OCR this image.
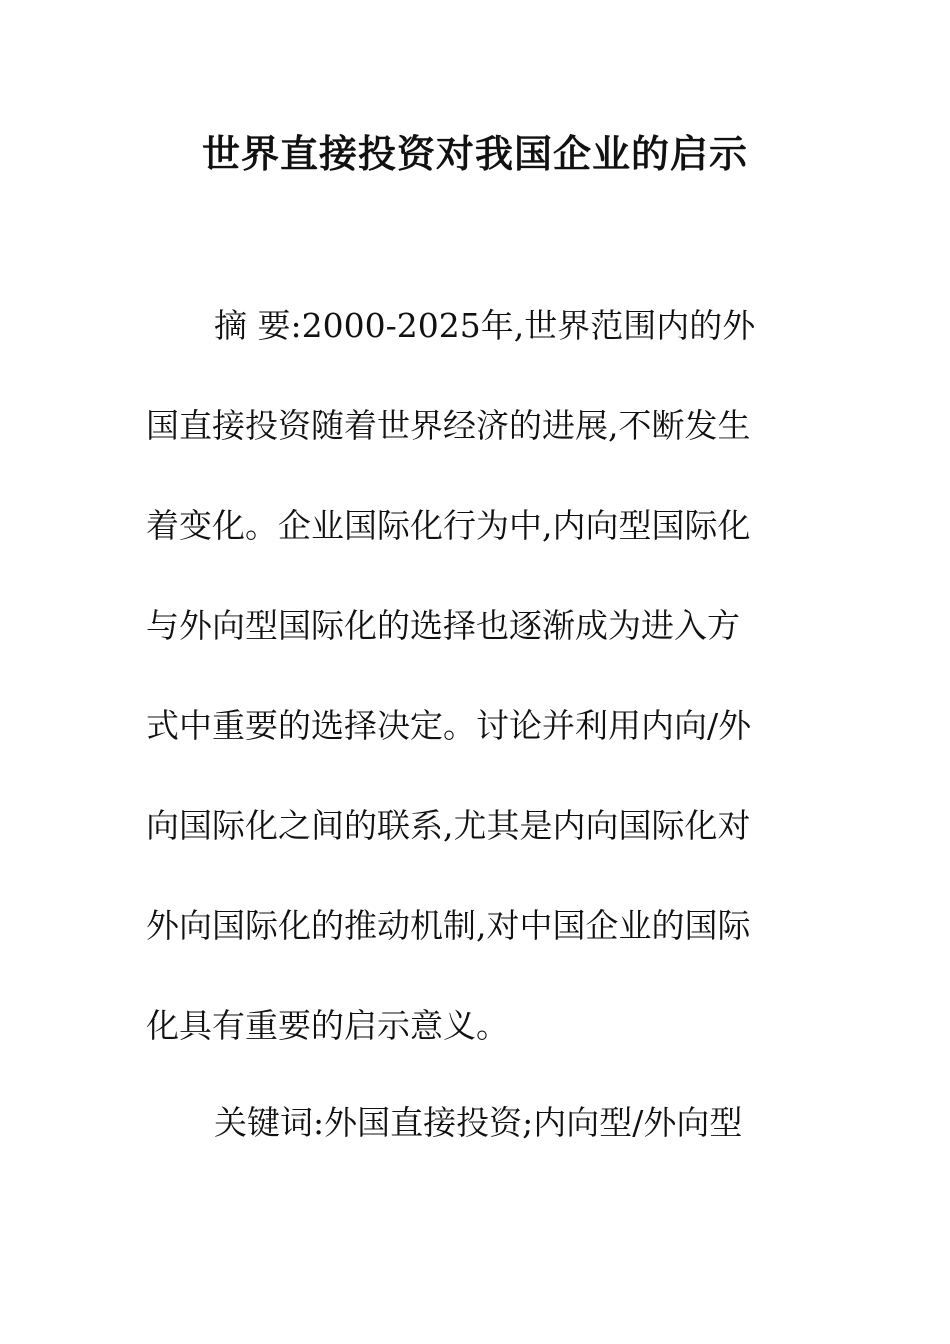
世界直接投资对我国企业的启示

摘 要:2000-2025年,世界范围内的外

国直接投资随着世界经济的进展,不断发生

着变化。企业国际化行为中,内向型国际化

与外向型国际化的选择也逐渐成为进入方

式中重要的选择决定。讨论并利用内向/外

向国际化之间的联系,尤其是内向国际化对

外向国际化的推动机制,对中国企业的国际

化具有重要的启示意义。

关键词:外国直接投资;内向型/外向型
